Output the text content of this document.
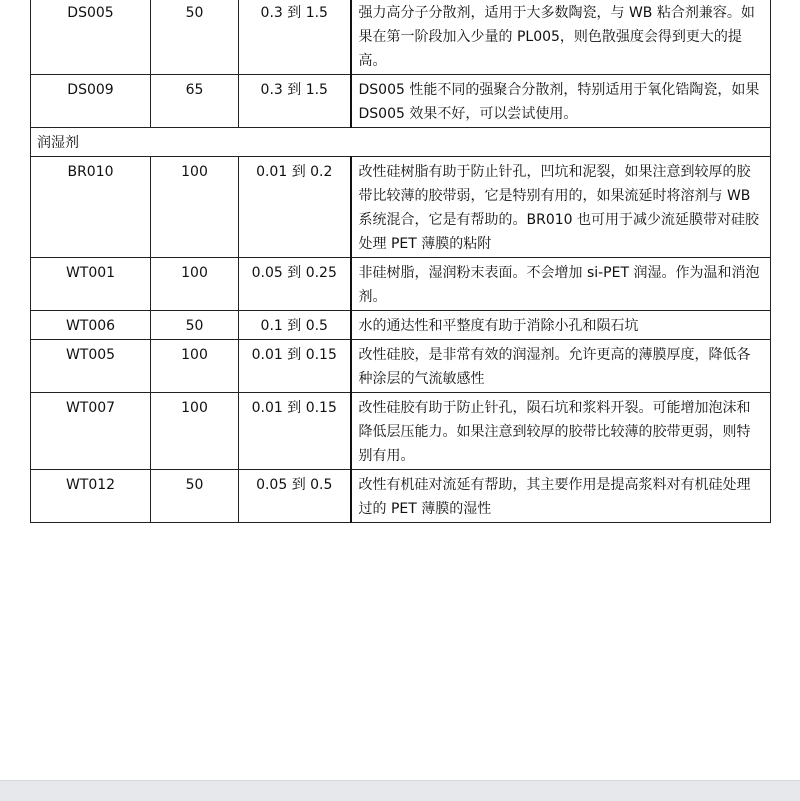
DS005	50	0.3 到 1.5	强力高分子分散剂，适用于大多数陶瓷，与 WB 粘合剂兼容。如果在第一阶段加入少量的 PL005，则色散强度会得到更大的提高。
DS009	65	0.3 到 1.5	DS005 性能不同的强聚合分散剂，特别适用于氧化锆陶瓷，如果 DS005 效果不好，可以尝试使用。
润湿剂			
BR010	100	0.01 到 0.2	改性硅树脂有助于防止针孔，凹坑和泥裂，如果注意到较厚的胶带比较薄的胶带弱，它是特别有用的，如果流延时将溶剂与 WB 系统混合，它是有帮助的。BR010 也可用于减少流延膜带对硅胶处理 PET 薄膜的粘附
WT001	100	0.05 到 0.25	非硅树脂，湿润粉末表面。不会增加 si-PET 润湿。作为温和消泡剂。
WT006	50	0.1 到 0.5	水的通达性和平整度有助于消除小孔和陨石坑
WT005	100	0.01 到 0.15	改性硅胶，是非常有效的润湿剂。允许更高的薄膜厚度，降低各种涂层的气流敏感性
WT007	100	0.01 到 0.15	改性硅胶有助于防止针孔，陨石坑和浆料开裂。可能增加泡沫和降低层压能力。如果注意到较厚的胶带比较薄的胶带更弱，则特别有用。
WT012	50	0.05 到 0.5	改性有机硅对流延有帮助，其主要作用是提高浆料对有机硅处理过的 PET 薄膜的湿性
